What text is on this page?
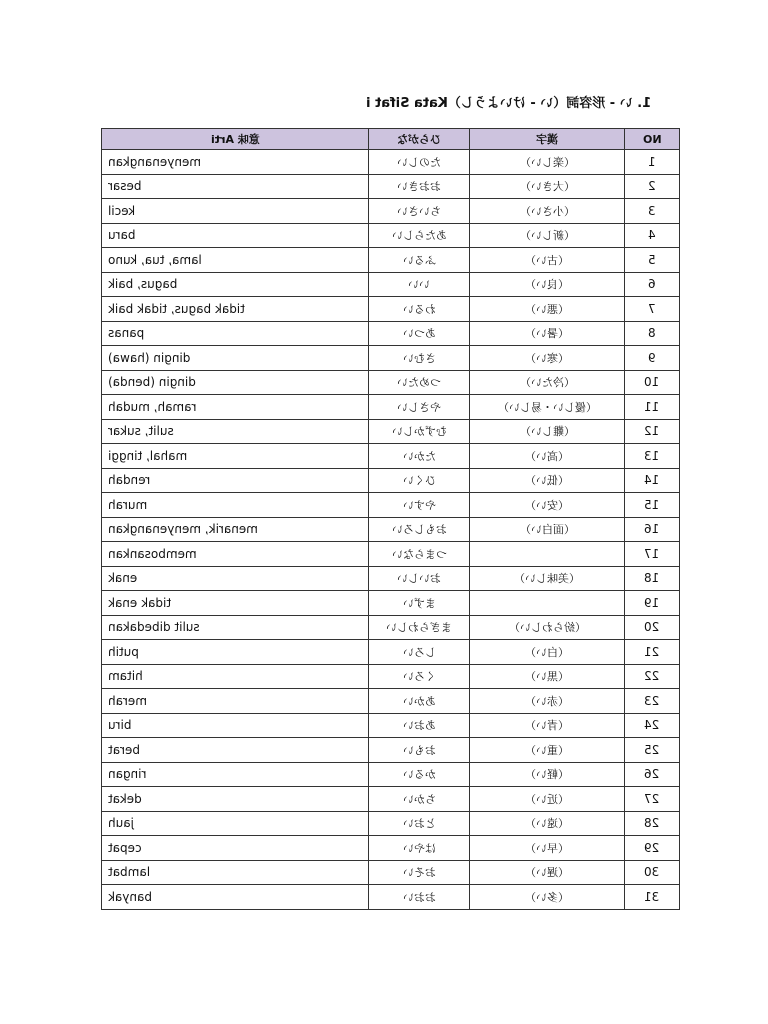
1. い - 形容詞（い - けいようし）Kata Sifat i
意味 Arti	ひらがな	漢字	NO
menyenangkan	たのしい	（楽しい）	1
besar	おおきい	（大きい）	2
kecil	ちいさい	（小さい）	3
baru	あたらしい	（新しい）	4
lama, tua, kuno	ふるい	（古い）	5
bagus, baik	いい	（良い）	6
tidak bagus, tidak baik	わるい	（悪い）	7
panas	あつい	（暑い）	8
dingin (hawa)	さむい	（寒い）	9
dingin (benda)	つめたい	（冷たい）	10
ramah, mudah	やさしい	（優しい・易しい）	11
sulit, sukar	むずかしい	（難しい）	12
mahal, tinggi	たかい	（高い）	13
rendah	ひくい	（低い）	14
murah	やすい	（安い）	15
menarik, menyenangkan	おもしろい	（面白い）	16
membosankan	つまらない		17
enak	おいしい	（美味しい）	18
tidak enak	まずい		19
sulit dibedakan	まぎらわしい	（紛らわしい）	20
putih	しろい	（白い）	21
hitam	くろい	（黒い）	22
merah	あかい	（赤い）	23
biru	あおい	（青い）	24
berat	おもい	（重い）	25
ringan	かるい	（軽い）	26
dekat	ちかい	（近い）	27
jauh	とおい	（遠い）	28
cepat	はやい	（早い）	29
lambat	おそい	（遅い）	30
banyak	おおい	（多い）	31
